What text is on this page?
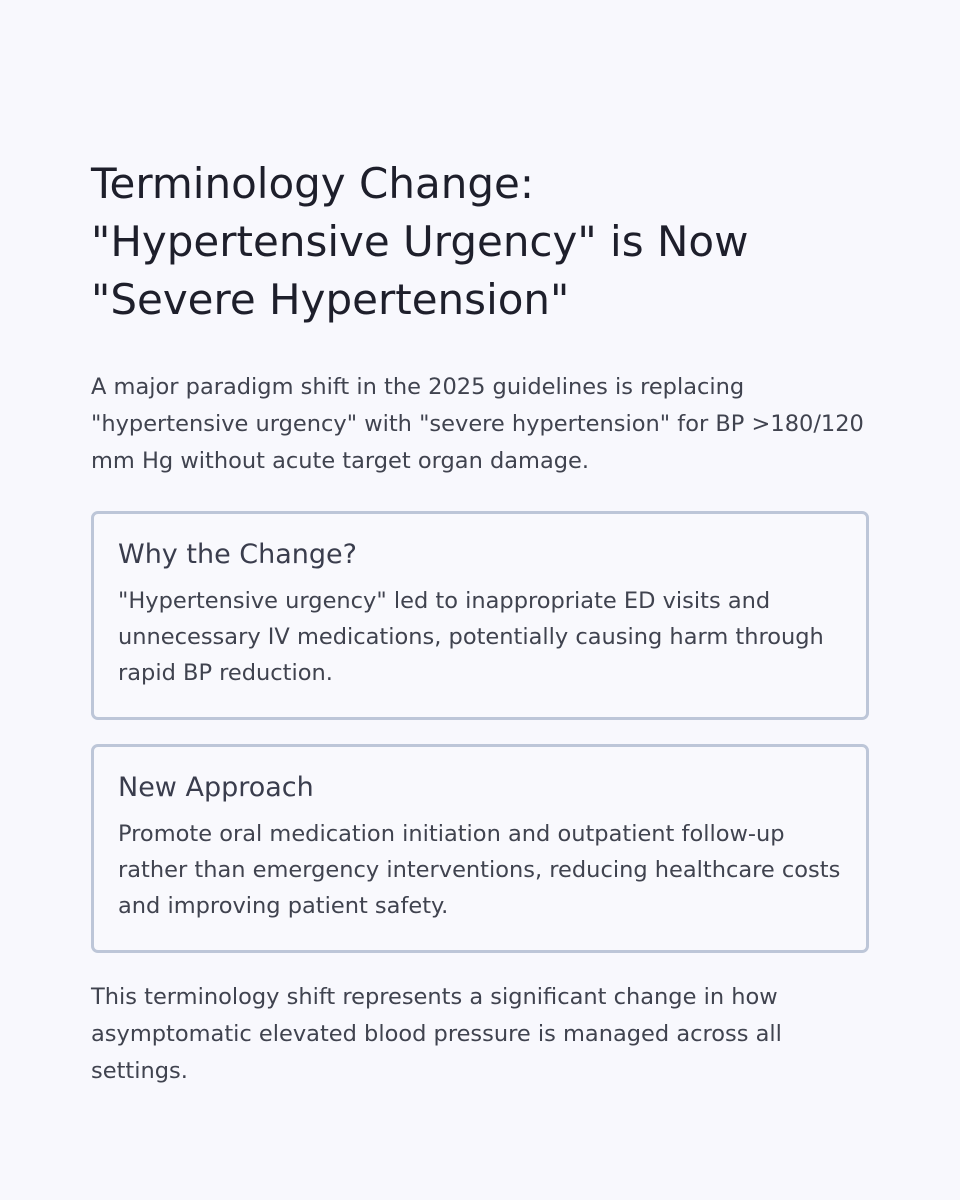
Terminology Change:
"Hypertensive Urgency" is Now
"Severe Hypertension"

A major paradigm shift in the 2025 guidelines is replacing "hypertensive urgency" with "severe hypertension" for BP >180/120 mm Hg without acute target organ damage.

Why the Change?

"Hypertensive urgency" led to inappropriate ED visits and unnecessary IV medications, potentially causing harm through rapid BP reduction.

New Approach

Promote oral medication initiation and outpatient follow-up rather than emergency interventions, reducing healthcare costs and improving patient safety.

This terminology shift represents a significant change in how asymptomatic elevated blood pressure is managed across all settings.
